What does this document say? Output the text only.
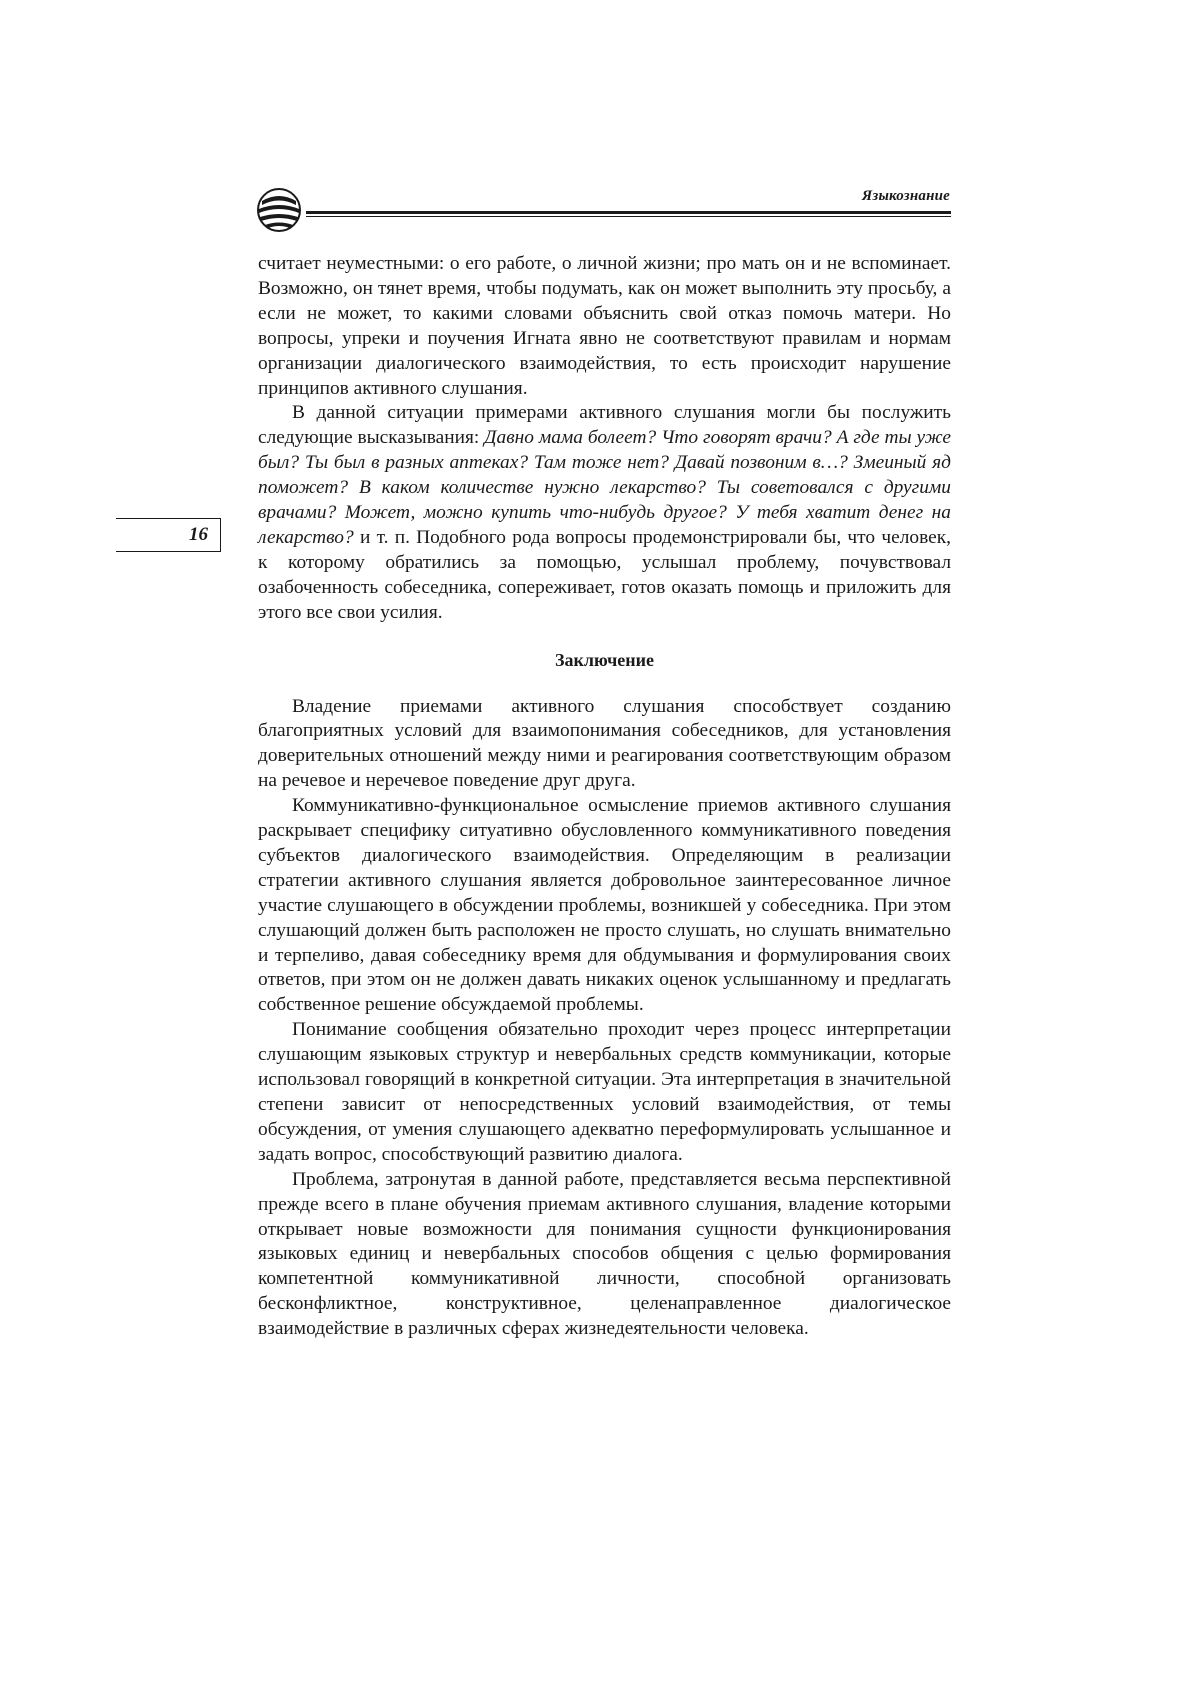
Языкознание
16

считает неуместными: о его работе, о личной жизни; про мать он и не вспоминает. Возможно, он тянет время, чтобы подумать, как он может выполнить эту просьбу, а если не может, то какими словами объяснить свой отказ помочь матери. Но вопросы, упреки и поучения Игната явно не соответствуют правилам и нормам организации диалогического взаимодействия, то есть происходит нарушение принципов активного слушания.

В данной ситуации примерами активного слушания могли бы послужить следующие высказывания: Давно мама болеет? Что говорят врачи? А где ты уже был? Ты был в разных аптеках? Там тоже нет? Давай позвоним в…? Змеиный яд поможет? В каком количестве нужно лекарство? Ты советовался с другими врачами? Может, можно купить что-нибудь другое? У тебя хватит денег на лекарство? и т. п. Подобного рода вопросы продемонстрировали бы, что человек, к которому обратились за помощью, услышал проблему, почувствовал озабоченность собеседника, сопереживает, готов оказать помощь и приложить для этого все свои усилия.

Заключение

Владение приемами активного слушания способствует созданию благоприятных условий для взаимопонимания собеседников, для установления доверительных отношений между ними и реагирования соответствующим образом на речевое и неречевое поведение друг друга.

Коммуникативно-функциональное осмысление приемов активного слушания раскрывает специфику ситуативно обусловленного коммуникативного поведения субъектов диалогического взаимодействия. Определяющим в реализации стратегии активного слушания является добровольное заинтересованное личное участие слушающего в обсуждении проблемы, возникшей у собеседника. При этом слушающий должен быть расположен не просто слушать, но слушать внимательно и терпеливо, давая собеседнику время для обдумывания и формулирования своих ответов, при этом он не должен давать никаких оценок услышанному и предлагать собственное решение обсуждаемой проблемы.

Понимание сообщения обязательно проходит через процесс интерпретации слушающим языковых структур и невербальных средств коммуникации, которые использовал говорящий в конкретной ситуации. Эта интерпретация в значительной степени зависит от непосредственных условий взаимодействия, от темы обсуждения, от умения слушающего адекватно переформулировать услышанное и задать вопрос, способствующий развитию диалога.

Проблема, затронутая в данной работе, представляется весьма перспективной прежде всего в плане обучения приемам активного слушания, владение которыми открывает новые возможности для понимания сущности функционирования языковых единиц и невербальных способов общения с целью формирования компетентной коммуникативной личности, способной организовать бесконфликтное, конструктивное, целенаправленное диалогическое взаимодействие в различных сферах жизнедеятельности человека.
